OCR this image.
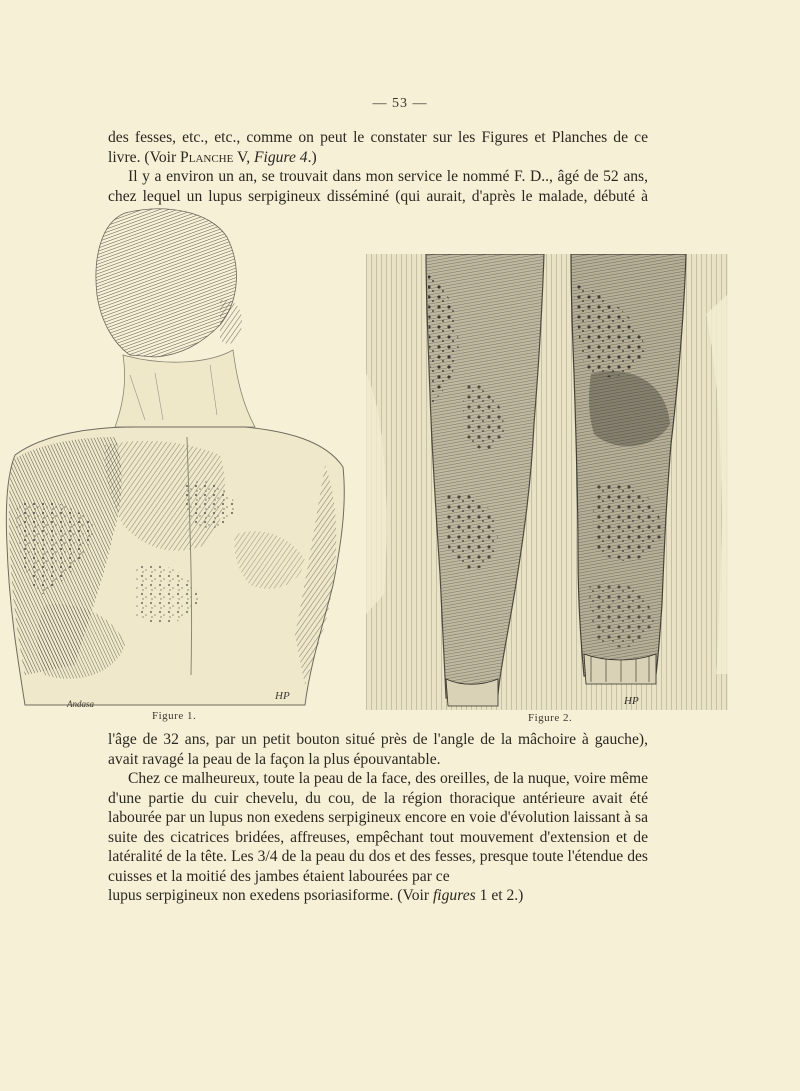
— 53 —

des fesses, etc., etc., comme on peut le constater sur les Figures et Planches de ce

livre. (Voir Planche V, Figure 4.)

Il y a environ un an, se trouvait dans mon service le nommé F. D.., âgé de 52 ans,

chez lequel un lupus serpigineux disséminé (qui aurait, d'après le malade, débuté à

Andasa
HP	HP
Figure 1.	Figure 2.

l'âge de 32 ans, par un petit bouton situé près de l'angle de la mâchoire à gauche),

avait ravagé la peau de la façon la plus épouvantable.

Chez ce malheureux, toute la peau de la face, des oreilles, de la nuque, voire même d'une partie du cuir chevelu, du cou, de la région thoracique antérieure avait été labourée par un lupus non exedens serpigineux encore en voie d'évolution laissant à sa suite des cicatrices bridées, affreuses, empêchant tout mouvement d'extension et de latéralité de la tête. Les 3/4 de la peau du dos et des fesses, presque toute l'étendue des cuisses et la moitié des jambes étaient labourées par ce

lupus serpigineux non exedens psoriasiforme. (Voir figures 1 et 2.)
